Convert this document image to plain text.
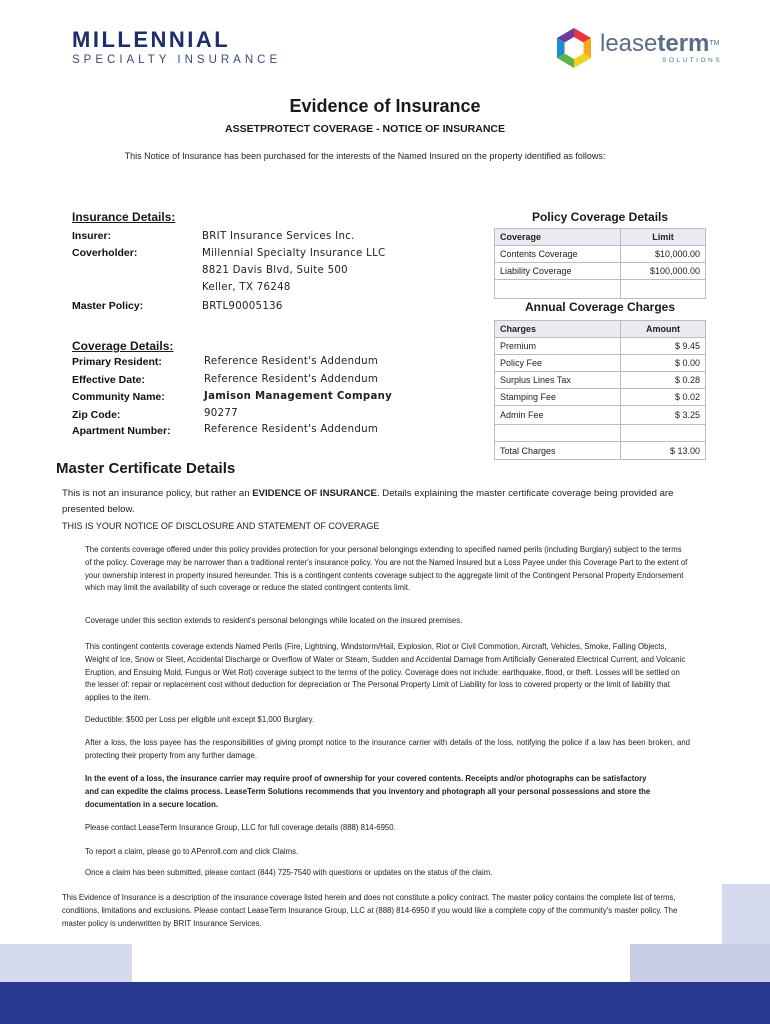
MILLENNIAL
SPECIALTY INSURANCE
leasetermTM
SOLUTIONS
Evidence of Insurance
ASSETPROTECT COVERAGE - NOTICE OF INSURANCE
This Notice of Insurance has been purchased for the interests of the Named Insured on the property identified as follows:
Insurance Details:
Insurer:	BRIT Insurance Services Inc.
Coverholder:	Millennial Specialty Insurance LLC
8821 Davis Blvd, Suite 500
Keller, TX 76248
Master Policy:	BRTL90005136
Coverage Details:
Primary Resident:	Reference Resident's Addendum
Effective Date:	Reference Resident's Addendum
Community Name:	Jamison Management Company
Zip Code:	90277
Apartment Number:	Reference Resident's Addendum
Policy Coverage Details
Coverage	Limit
Contents Coverage	$10,000.00
Liability Coverage	$100,000.00

Annual Coverage Charges
Charges	Amount
Premium	$ 9.45
Policy Fee	$ 0.00
Surplus Lines Tax	$ 0.28
Stamping Fee	$ 0.02
Admin Fee	$ 3.25

Total Charges	$ 13.00
Master Certificate Details
This is not an insurance policy, but rather an EVIDENCE OF INSURANCE. Details explaining the master certificate coverage being provided are presented below.
THIS IS YOUR NOTICE OF DISCLOSURE AND STATEMENT OF COVERAGE
The contents coverage offered under this policy provides protection for your personal belongings extending to specified named perils (including Burglary) subject to the terms of the policy. Coverage may be narrower than a traditional renter's insurance policy. You are not the Named Insured but a Loss Payee under this Coverage Part to the extent of your ownership interest in property insured hereunder. This is a contingent contents coverage subject to the aggregate limit of the Contingent Personal Property Endorsement which may limit the availability of such coverage or reduce the stated contingent contents limit.
Coverage under this section extends to resident's personal belongings while located on the insured premises.
This contingent contents coverage extends Named Perils (Fire, Lightning, Windstorm/Hail, Explosion, Riot or Civil Commotion, Aircraft, Vehicles, Smoke, Falling Objects, Weight of Ice, Snow or Sleet, Accidental Discharge or Overflow of Water or Steam, Sudden and Accidental Damage from Artificially Generated Electrical Current, and Volcanic Eruption, and Ensuing Mold, Fungus or Wet Rot) coverage subject to the terms of the policy. Coverage does not include: earthquake, flood, or theft. Losses will be settled on the lesser of: repair or replacement cost without deduction for depreciation or The Personal Property Limit of Liability for loss to covered property or the limit of liability that applies to the item.
Deductible: $500 per Loss per eligible unit except $1,000 Burglary.
After a loss, the loss payee has the responsibilities of giving prompt notice to the insurance carrier with details of the loss, notifying the police if a law has been broken, and protecting their property from any further damage.
In the event of a loss, the insurance carrier may require proof of ownership for your covered contents. Receipts and/or photographs can be satisfactory and can expedite the claims process. LeaseTerm Solutions recommends that you inventory and photograph all your personal possessions and store the documentation in a secure location.
Please contact LeaseTerm Insurance Group, LLC for full coverage details (888) 814-6950.
To report a claim, please go to APenroll.com and click Claims.
Once a claim has been submitted, please contact (844) 725-7540 with questions or updates on the status of the claim.
This Evidence of Insurance is a description of the insurance coverage listed herein and does not constitute a policy contract. The master policy contains the complete list of terms, conditions, limitations and exclusions. Please contact LeaseTerm Insurance Group, LLC at (888) 814-6950 if you would like a complete copy of the community's master policy. The master policy is underwritten by BRIT Insurance Services.
